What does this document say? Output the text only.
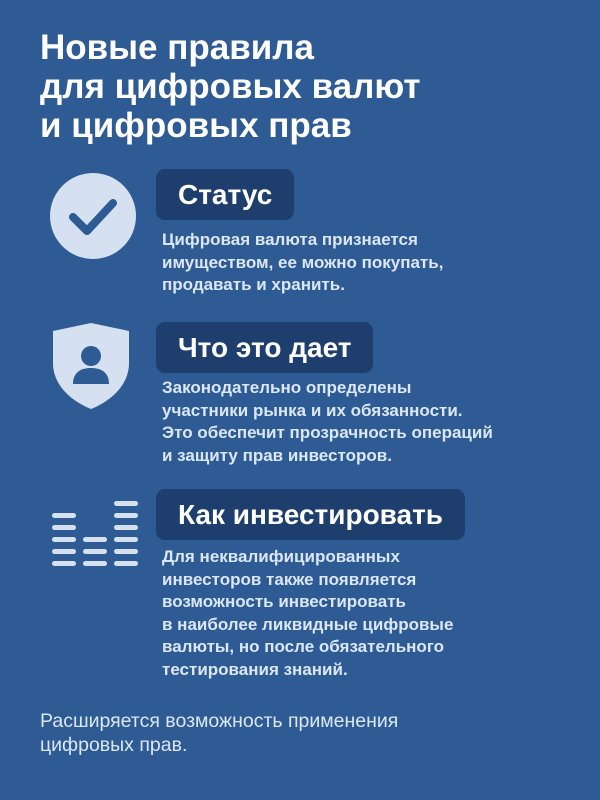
Новые правила
для цифровых валют
и цифровых прав
Статус
Цифровая валюта признается
имуществом, ее можно покупать,
продавать и хранить.
Что это дает
Законодательно определены
участники рынка и их обязанности.
Это обеспечит прозрачность операций
и защиту прав инвесторов.
Как инвестировать
Для неквалифицированных
инвесторов также появляется
возможность инвестировать
в наиболее ликвидные цифровые
валюты, но после обязательного
тестирования знаний.
Расширяется возможность применения
цифровых прав.
